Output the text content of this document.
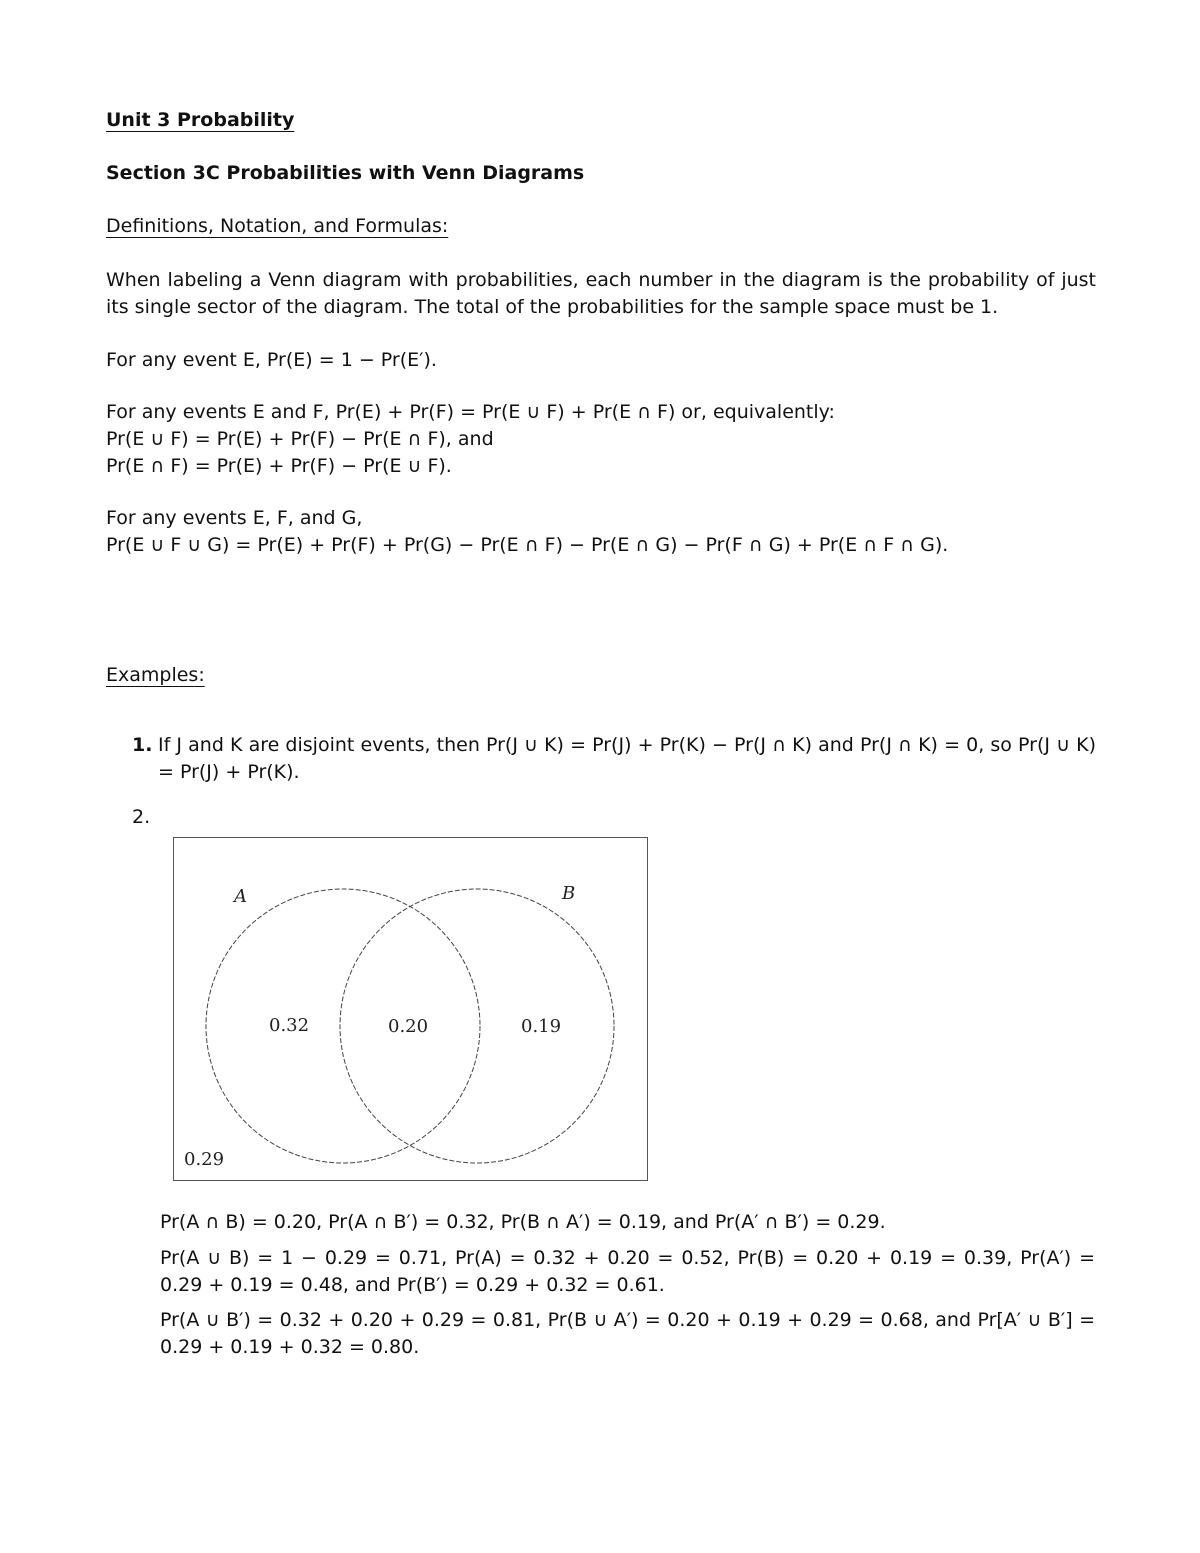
Unit 3 Probability
Section 3C Probabilities with Venn Diagrams
Definitions, Notation, and Formulas:
When labeling a Venn diagram with probabilities, each number in the diagram is the probability of just its single sector of the diagram. The total of the probabilities for the sample space must be 1.
For any event E, Pr(E) = 1 − Pr(E′).
For any events E and F, Pr(E) + Pr(F) = Pr(E ∪ F) + Pr(E ∩ F) or, equivalently:
Pr(E ∪ F) = Pr(E) + Pr(F) − Pr(E ∩ F), and
Pr(E ∩ F) = Pr(E) + Pr(F) − Pr(E ∪ F).
For any events E, F, and G,
Pr(E ∪ F ∪ G) = Pr(E) + Pr(F) + Pr(G) − Pr(E ∩ F) − Pr(E ∩ G) − Pr(F ∩ G) + Pr(E ∩ F ∩ G).
Examples:
1. If J and K are disjoint events, then Pr(J ∪ K) = Pr(J) + Pr(K) − Pr(J ∩ K) and Pr(J ∩ K) = 0, so Pr(J ∪ K) = Pr(J) + Pr(K).
2.
A	B
0.32	0.20	0.19
0.29
Pr(A ∩ B) = 0.20, Pr(A ∩ B′) = 0.32, Pr(B ∩ A′) = 0.19, and Pr(A′ ∩ B′) = 0.29.
Pr(A ∪ B) = 1 − 0.29 = 0.71, Pr(A) = 0.32 + 0.20 = 0.52, Pr(B) = 0.20 + 0.19 = 0.39, Pr(A′) = 0.29 + 0.19 = 0.48, and Pr(B′) = 0.29 + 0.32 = 0.61.
Pr(A ∪ B′) = 0.32 + 0.20 + 0.29 = 0.81, Pr(B ∪ A′) = 0.20 + 0.19 + 0.29 = 0.68, and Pr[A′ ∪ B′] = 0.29 + 0.19 + 0.32 = 0.80.
